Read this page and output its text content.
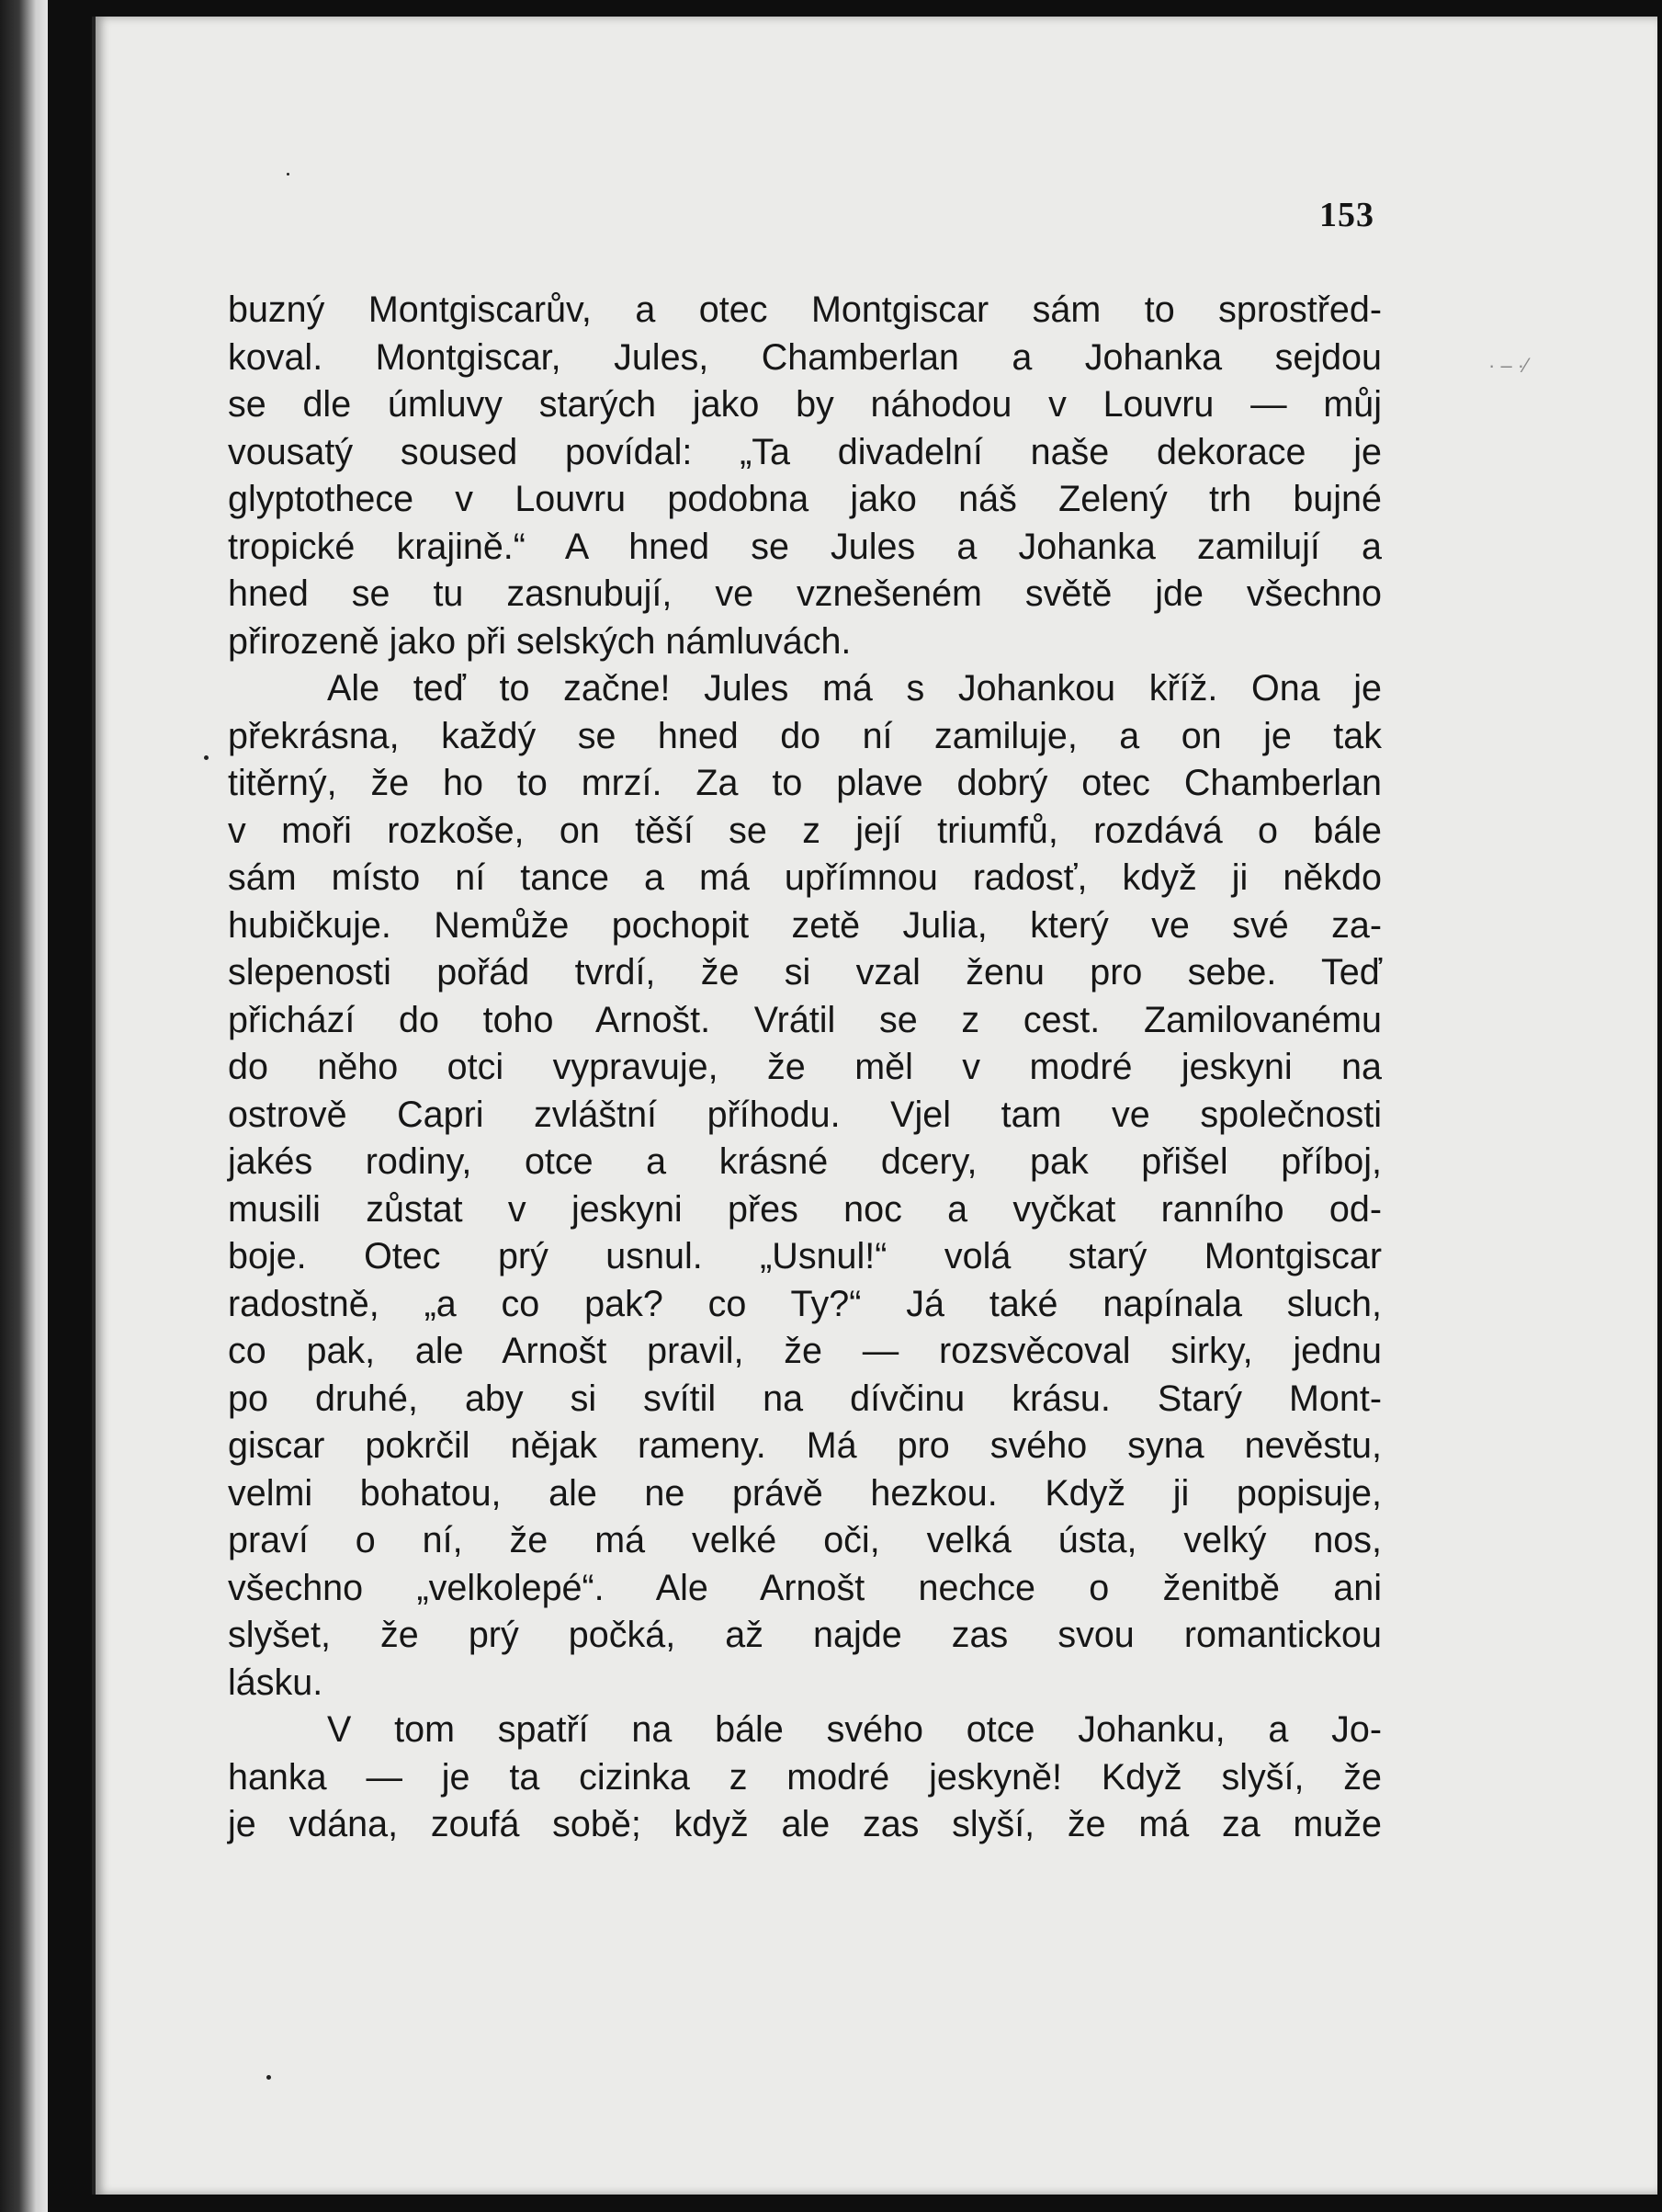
153
buzný Montgiscarův, a otec Montgiscar sám to sprostřed-
koval. Montgiscar, Jules, Chamberlan a Johanka sejdou
se dle úmluvy starých jako by náhodou v Louvru — můj
vousatý soused povídal: „Ta divadelní naše dekorace je
glyptothece v Louvru podobna jako náš Zelený trh bujné
tropické krajině.“ A hned se Jules a Johanka zamilují a
hned se tu zasnubují, ve vznešeném světě jde všechno
přirozeně jako při selských námluvách.
Ale teď to začne! Jules má s Johankou kříž. Ona je
překrásna, každý se hned do ní zamiluje, a on je tak
titěrný, že ho to mrzí. Za to plave dobrý otec Chamberlan
v moři rozkoše, on těší se z její triumfů, rozdává o bále
sám místo ní tance a má upřímnou radosť, když ji někdo
hubičkuje. Nemůže pochopit zetě Julia, který ve své za-
slepenosti pořád tvrdí, že si vzal ženu pro sebe. Teď
přichází do toho Arnošt. Vrátil se z cest. Zamilovanému
do něho otci vypravuje, že měl v modré jeskyni na
ostrově Capri zvláštní příhodu. Vjel tam ve společnosti
jakés rodiny, otce a krásné dcery, pak přišel příboj,
musili zůstat v jeskyni přes noc a vyčkat ranního od-
boje. Otec prý usnul. „Usnul!“ volá starý Montgiscar
radostně, „a co pak? co Ty?“ Já také napínala sluch,
co pak, ale Arnošt pravil, že — rozsvěcoval sirky, jednu
po druhé, aby si svítil na dívčinu krásu. Starý Mont-
giscar pokrčil nějak rameny. Má pro svého syna nevěstu,
velmi bohatou, ale ne právě hezkou. Když ji popisuje,
praví o ní, že má velké oči, velká ústa, velký nos,
všechno „velkolepé“. Ale Arnošt nechce o ženitbě ani
slyšet, že prý počká, až najde zas svou romantickou
lásku.
V tom spatří na bále svého otce Johanku, a Jo-
hanka — je ta cizinka z modré jeskyně! Když slyší, že
je vdána, zoufá sobě; když ale zas slyší, že má za muže
· – ·⁄
